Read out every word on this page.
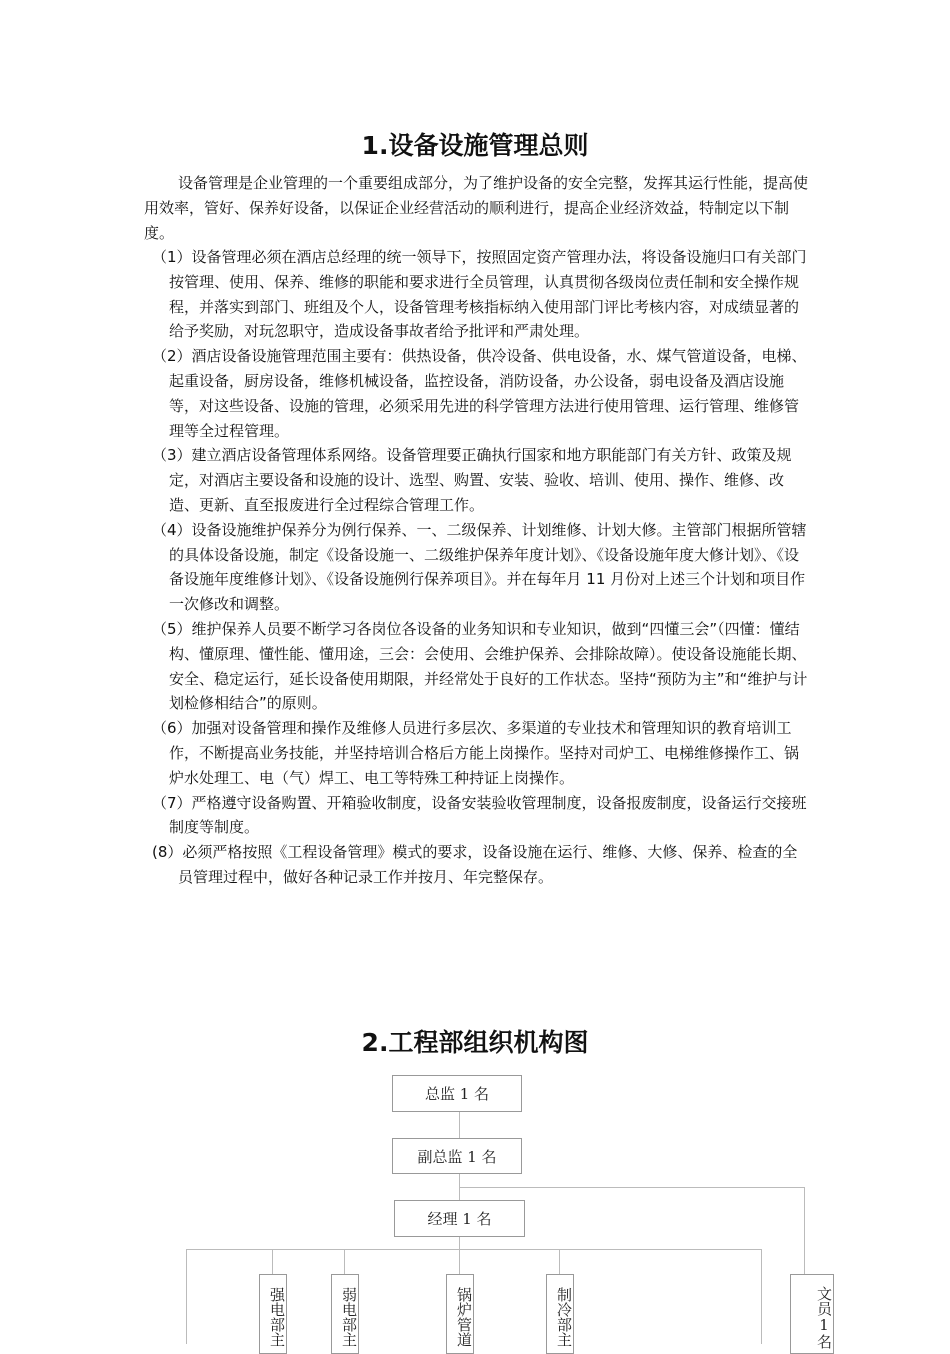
1.设备设施管理总则

设备管理是企业管理的一个重要组成部分，为了维护设备的安全完整，发挥其运行性能，提高使用效率，管好、保养好设备，以保证企业经营活动的顺利进行，提高企业经济效益，特制定以下制度。

（1）设备管理必须在酒店总经理的统一领导下，按照固定资产管理办法，将设备设施归口有关部门按管理、使用、保养、维修的职能和要求进行全员管理，认真贯彻各级岗位责任制和安全操作规程，并落实到部门、班组及个人，设备管理考核指标纳入使用部门评比考核内容，对成绩显著的给予奖励，对玩忽职守，造成设备事故者给予批评和严肃处理。
（2）酒店设备设施管理范围主要有：供热设备，供冷设备、供电设备，水、煤气管道设备，电梯、起重设备，厨房设备，维修机械设备，监控设备，消防设备，办公设备，弱电设备及酒店设施等，对这些设备、设施的管理，必须采用先进的科学管理方法进行使用管理、运行管理、维修管理等全过程管理。
（3）建立酒店设备管理体系网络。设备管理要正确执行国家和地方职能部门有关方针、政策及规定，对酒店主要设备和设施的设计、选型、购置、安装、验收、培训、使用、操作、维修、改造、更新、直至报废进行全过程综合管理工作。
（4）设备设施维护保养分为例行保养、一、二级保养、计划维修、计划大修。主管部门根据所管辖的具体设备设施，制定《设备设施一、二级维护保养年度计划》、《设备设施年度大修计划》、《设备设施年度维修计划》、《设备设施例行保养项目》。并在每年月 11 月份对上述三个计划和项目作一次修改和调整。
（5）维护保养人员要不断学习各岗位各设备的业务知识和专业知识，做到“四懂三会”（四懂：懂结构、懂原理、懂性能、懂用途，三会：会使用、会维护保养、会排除故障）。使设备设施能长期、安全、稳定运行，延长设备使用期限，并经常处于良好的工作状态。坚持“预防为主”和“维护与计划检修相结合”的原则。
（6）加强对设备管理和操作及维修人员进行多层次、多渠道的专业技术和管理知识的教育培训工作，不断提高业务技能，并坚持培训合格后方能上岗操作。坚持对司炉工、电梯维修操作工、锅炉水处理工、电（气）焊工、电工等特殊工种持证上岗操作。
（7）严格遵守设备购置、开箱验收制度，设备安装验收管理制度，设备报废制度，设备运行交接班制度等制度。
(8）必须严格按照《工程设备管理》模式的要求，设备设施在运行、维修、大修、保养、检查的全员管理过程中，做好各种记录工作并按月、年完整保存。
2.工程部组织机构图
总监 1 名
副总监 1 名
经理 1 名
强电部主	弱电部主	锅炉管道	制冷部主	文员1名
